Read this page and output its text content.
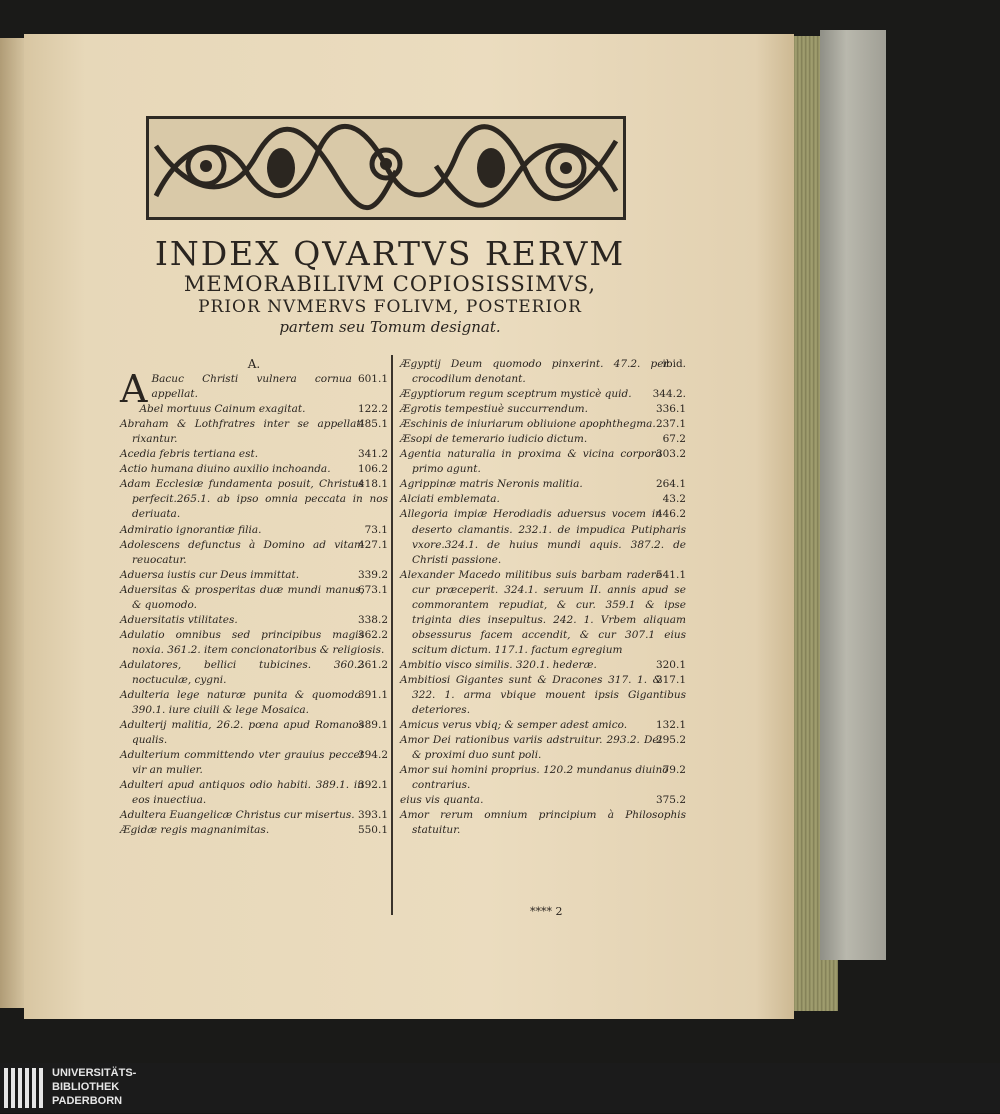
INDEX QVARTVS RERVM
MEMORABILIVM COPIOSISSIMVS,
PRIOR NVMERVS FOLIVM, POSTERIOR
partem seu Tomum designat.
A.

A	601.1
Bacuc Christi vulnera cornua appellat.

122.2
Abel mortuus Cainum exagitat.

485.1
Abraham & Lothfratres inter se appellati rixantur.

341.2
Acedia febris tertiana est.

106.2
Actio humana diuino auxilio inchoanda.

418.1
Adam Ecclesiæ fundamenta posuit, Christus perfecit.265.1. ab ipso omnia peccata in nos deriuata.

73.1
Admiratio ignorantiæ filia.

427.1
Adolescens defunctus à Domino ad vitam reuocatur.

339.2
Aduersa iustis cur Deus immittat.

673.1
Aduersitas & prosperitas duæ mundi manus, & quomodo.

338.2
Aduersitatis vtilitates.

362.2
Adulatio omnibus sed principibus magis noxia. 361.2. item concionatoribus & religiosis.

361.2
Adulatores, bellici tubicines. 360.2 noctuculæ, cygni.

391.1
Adulteria lege naturæ punita & quomodo. 390.1. iure ciuili & lege Mosaica.

389.1
Adulterij malitia, 26.2. pœna apud Romanos qualis.

394.2
Adulterium committendo vter grauius peccet vir an mulier.

392.1
Adulteri apud antiquos odio habiti. 389.1. in eos inuectiua.

393.1
Adultera Euangelicæ Christus cur misertus.

550.1
Ægidæ regis magnanimitas.

ibid.
Ægyptij Deum quomodo pinxerint. 47.2. per crocodilum denotant.

344.2.
Ægyptiorum regum sceptrum mysticè quid.

336.1
Ægrotis tempestiuè succurrendum.

237.1
Æschinis de iniuriarum obliuione apophthegma.

67.2
Æsopi de temerario iudicio dictum.

303.2
Agentia naturalia in proxima & vicina corpora primo agunt.

264.1
Agrippinæ matris Neronis malitia.

43.2
Alciati emblemata.

446.2
Allegoria impiæ Herodiadis aduersus vocem in deserto clamantis. 232.1. de impudica Putipharis vxore.324.1. de huius mundi aquis. 387.2. de Christi passione.

541.1
Alexander Macedo militibus suis barbam radere cur præceperit. 324.1. seruum II. annis apud se commorantem repudiat, & cur. 359.1 & ipse triginta dies insepultus. 242. 1. Vrbem aliquam obsessurus facem accendit, & cur 307.1 eius scitum dictum. 117.1. factum egregium

320.1
Ambitio visco similis. 320.1. hederæ.

317.1
Ambitiosi Gigantes sunt & Dracones 317. 1. & 322. 1. arma vbique mouent ipsis Gigantibus deteriores.

132.1
Amicus verus vbiq; & semper adest amico.

295.2
Amor Dei rationibus variis adstruitur. 293.2. Dei & proximi duo sunt poli.

79.2
Amor sui homini proprius. 120.2 mundanus diuino contrarius.

375.2
eius vis quanta.

Amor rerum omnium principium à Philosophis statuitur.

**** 2
UNIVERSITÄTS-
BIBLIOTHEK
PADERBORN
